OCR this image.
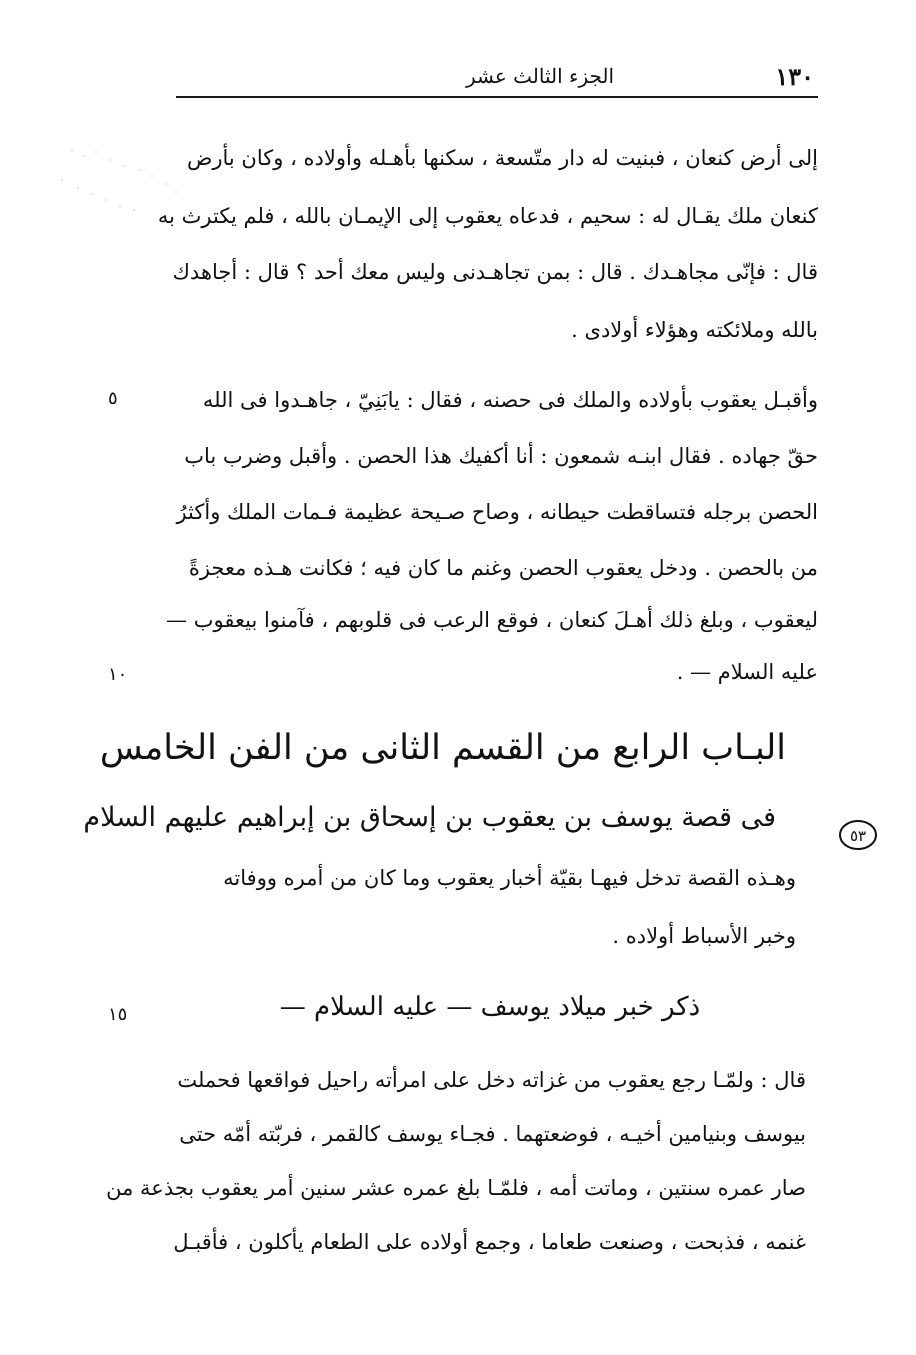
١٣٠
الجزء الثالث عشر
إلى أرض كنعان ، فبنيت له دار متّسعة ، سكنها بأهـله وأولاده ، وكان بأرض
كنعان ملك يقـال له : سحيم ، فدعاه يعقوب إلى الإيمـان بالله ، فلم يكترث به
قال : فإنّى مجاهـدك . قال : بمن تجاهـدنى وليس معك أحد ؟ قال : أجاهدك
بالله وملائكته وهؤلاء أولادى .
وأقبـل يعقوب بأولاده والملك فى حصنه ، فقال : يابَنِيّ ، جاهـدوا فى الله
حقّ جهاده . فقال ابنـه شمعون : أنا أكفيك هذا الحصن . وأقبل وضرب باب
الحصن برجله فتساقطت حيطانه ، وصاح صـيحة عظيمة فـمات الملك وأكثرُ
من بالحصن . ودخل يعقوب الحصن وغنم ما كان فيه ؛ فكانت هـذه معجزةً
ليعقوب ، وبلغ ذلك أهـلَ كنعان ، فوقع الرعب فى قلوبهم ، فآمنوا بيعقوب —
عليه السلام — .
٥
١٠
١٥
البـاب الرابع من القسم الثانى من الفن الخامس
فى قصة يوسف بن يعقوب بن إسحاق بن إبراهيم عليهم السلام
٥٣
وهـذه القصة تدخل فيهـا بقيّة أخبار يعقوب وما كان من أمره ووفاته
وخبر الأسباط أولاده .
ذكر خبر ميلاد يوسف — عليه السلام —
قال : ولمّـا رجع يعقوب من غزاته دخل على امرأته راحيل فواقعها فحملت
بيوسف وبنيامين أخيـه ، فوضعتهما . فجـاء يوسف كالقمر ، فربّته أمّه حتى
صار عمره سنتين ، وماتت أمه ، فلمّـا بلغ عمره عشر سنين أمر يعقوب بجذعة من
غنمه ، فذبحت ، وصنعت طعاما ، وجمع أولاده على الطعام يأكلون ، فأقبـل
